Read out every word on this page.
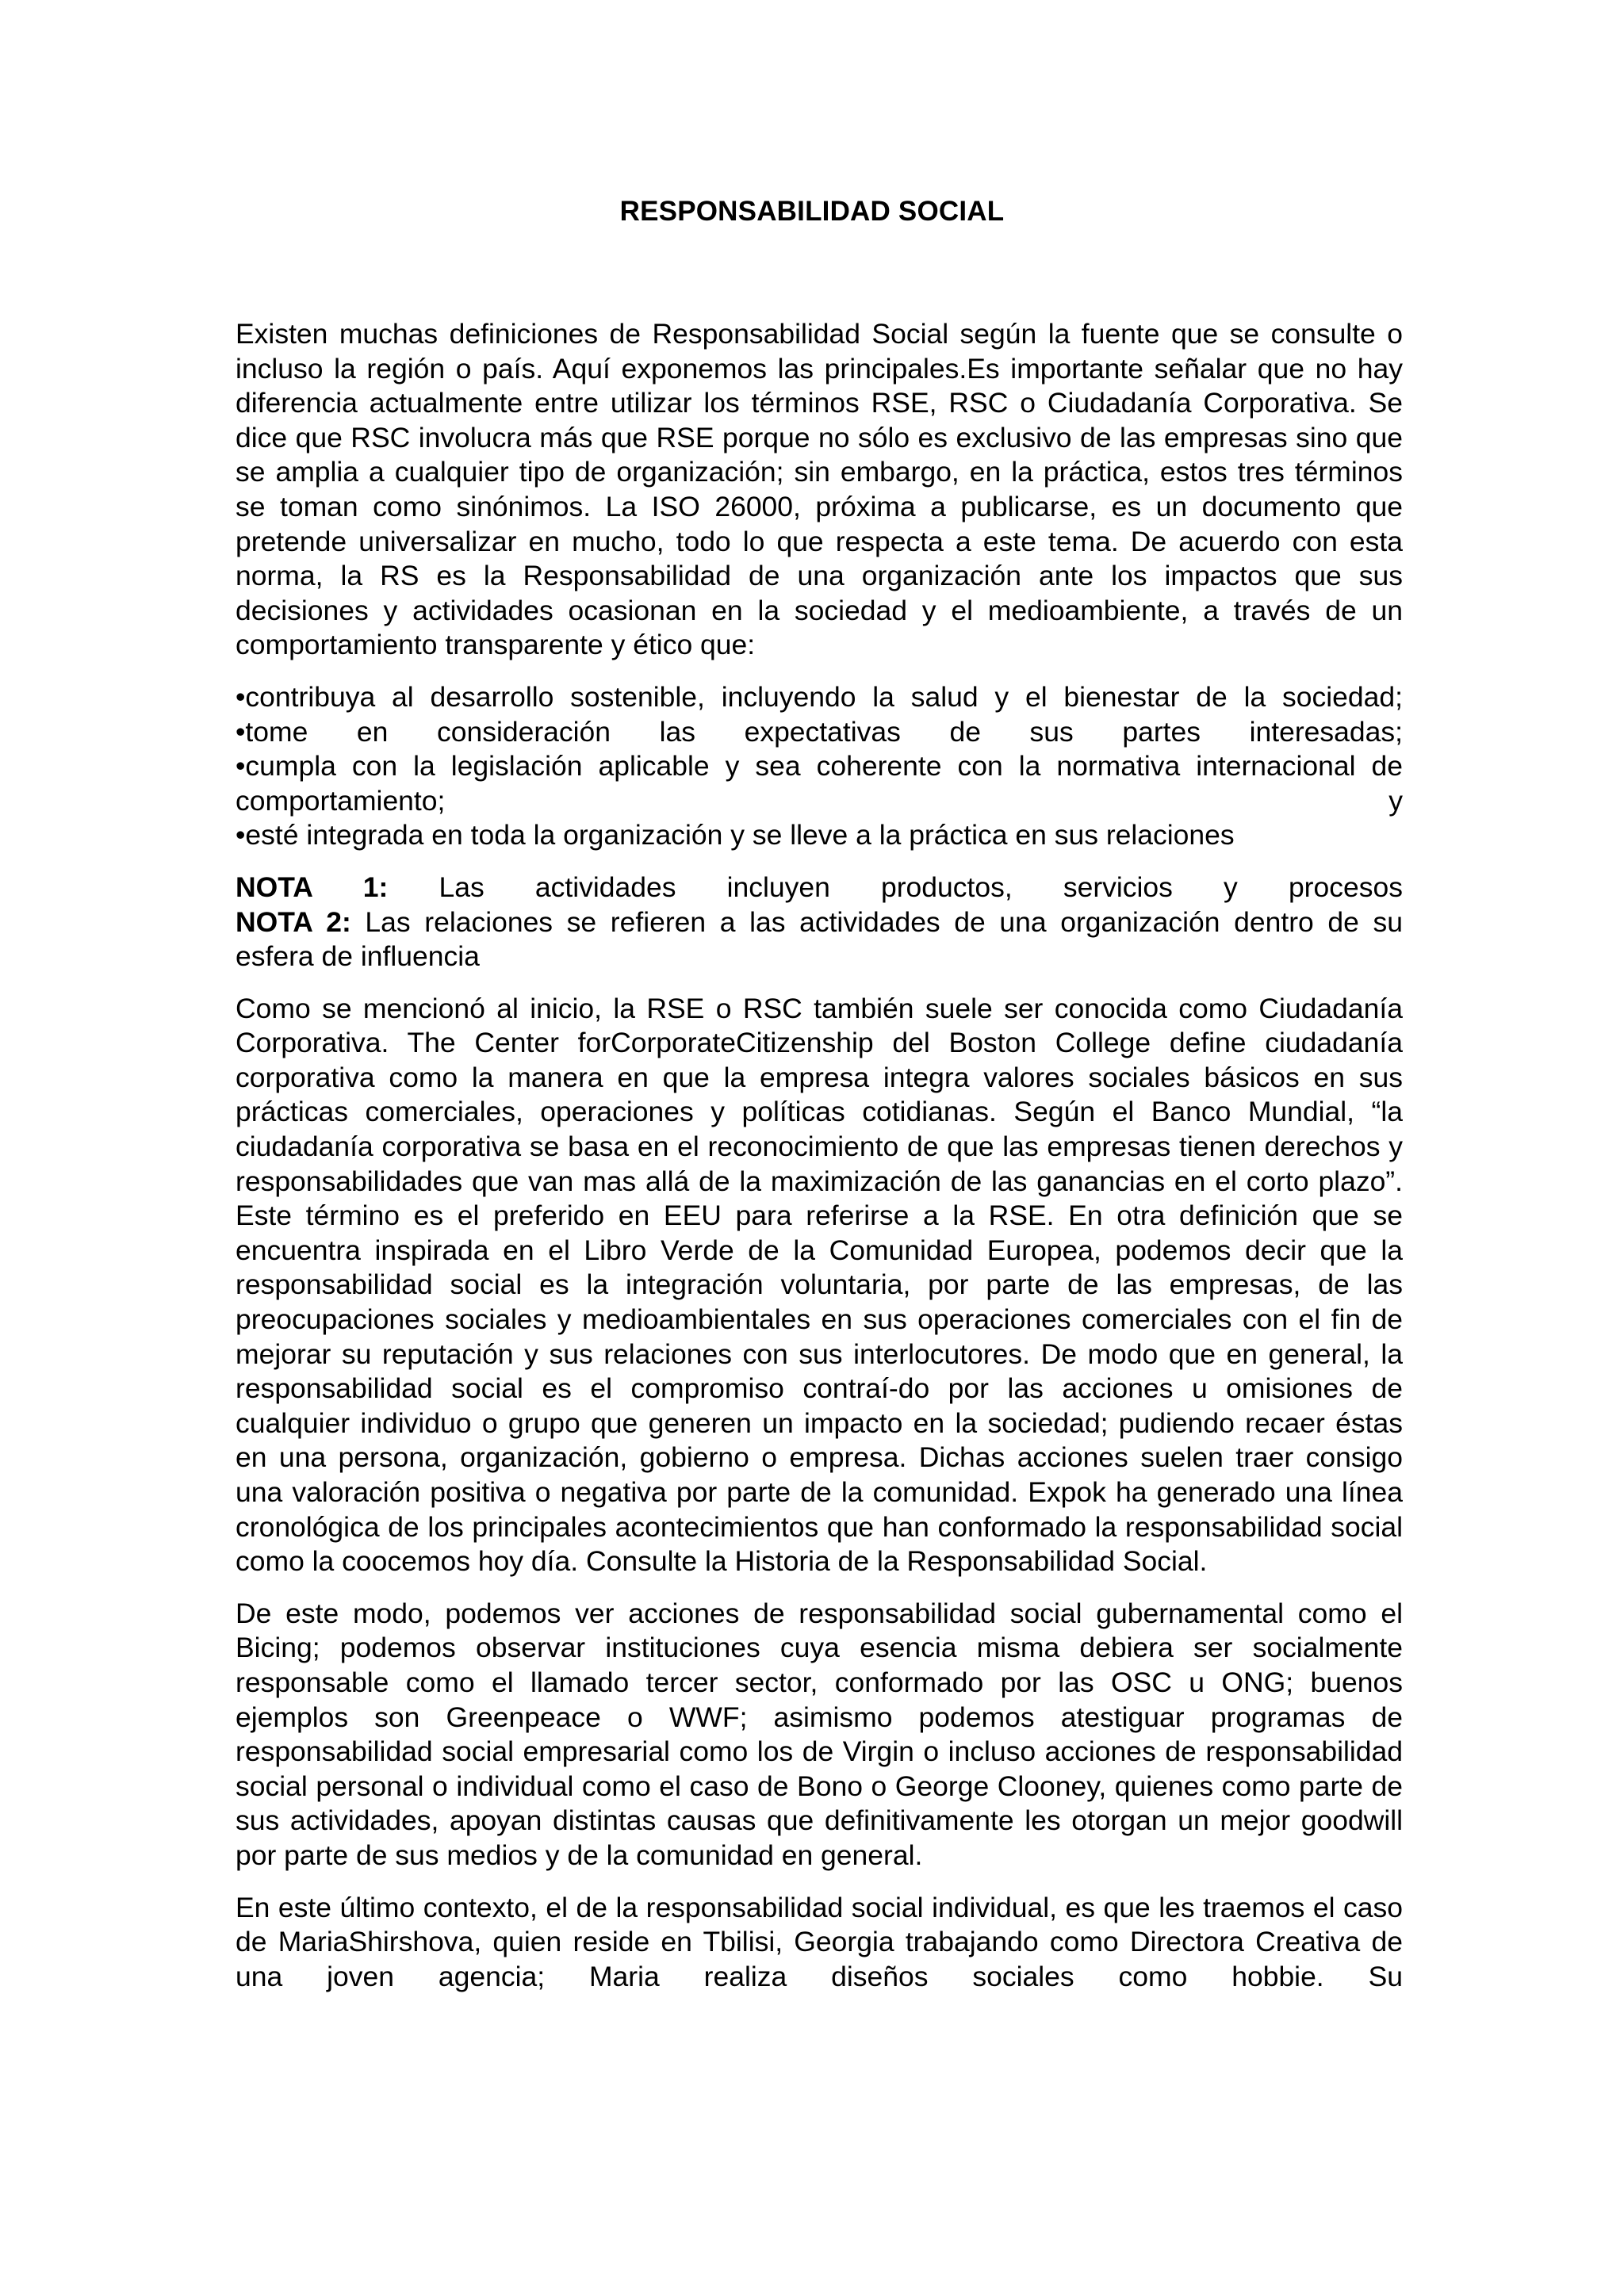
RESPONSABILIDAD SOCIAL

Existen muchas definiciones de Responsabilidad Social según la fuente que se consulte o incluso la región o país. Aquí exponemos las principales.Es importante señalar que no hay diferencia actualmente entre utilizar los términos RSE, RSC o Ciudadanía Corporativa. Se dice que RSC involucra más que RSE porque no sólo es exclusivo de las empresas sino que se amplia a cualquier tipo de organización; sin embargo, en la práctica, estos tres términos se toman como sinónimos. La ISO 26000, próxima a publicarse, es un documento que pretende universalizar en mucho, todo lo que respecta a este tema. De acuerdo con esta norma, la RS es la Responsabilidad de una organización ante los impactos que sus decisiones y actividades ocasionan en la sociedad y el medioambiente, a través de un comportamiento transparente y ético que:

•contribuya al desarrollo sostenible, incluyendo la salud y el bienestar de la sociedad;
•tome en consideración las expectativas de sus partes interesadas;
•cumpla con la legislación aplicable y sea coherente con la normativa internacional de
comportamiento;	y
•esté integrada en toda la organización y se lleve a la práctica en sus relaciones
NOTA 1: Las actividades incluyen productos, servicios y procesos
NOTA 2: Las relaciones se refieren a las actividades de una organización dentro de su esfera de influencia

Como se mencionó al inicio, la RSE o RSC también suele ser conocida como Ciudadanía Corporativa. The Center forCorporateCitizenship del Boston College define ciudadanía corporativa como la manera en que la empresa integra valores sociales básicos en sus prácticas comerciales, operaciones y políticas cotidianas. Según el Banco Mundial, “la ciudadanía corporativa se basa en el reconocimiento de que las empresas tienen derechos y responsabilidades que van mas allá de la maximización de las ganancias en el corto plazo”. Este término es el preferido en EEU para referirse a la RSE. En otra definición que se encuentra inspirada en el Libro Verde de la Comunidad Europea, podemos decir que la responsabilidad social es la integración voluntaria, por parte de las empresas, de las preocupaciones sociales y medioambientales en sus operaciones comerciales con el fin de mejorar su reputación y sus relaciones con sus interlocutores. De modo que en general, la responsabilidad social es el compromiso contraí-do por las acciones u omisiones de cualquier individuo o grupo que generen un impacto en la sociedad; pudiendo recaer éstas en una persona, organización, gobierno o empresa. Dichas acciones suelen traer consigo una valoración positiva o negativa por parte de la comunidad. Expok ha generado una línea cronológica de los principales acontecimientos que han conformado la responsabilidad social como la coocemos hoy día. Consulte la Historia de la Responsabilidad Social.

De este modo, podemos ver acciones de responsabilidad social gubernamental como el Bicing; podemos observar instituciones cuya esencia misma debiera ser socialmente responsable como el llamado tercer sector, conformado por las OSC u ONG; buenos ejemplos son Greenpeace o WWF; asimismo podemos atestiguar programas de responsabilidad social empresarial como los de Virgin o incluso acciones de responsabilidad social personal o individual como el caso de Bono o George Clooney, quienes como parte de sus actividades, apoyan distintas causas que definitivamente les otorgan un mejor goodwill por parte de sus medios y de la comunidad en general.

En este último contexto, el de la responsabilidad social individual, es que les traemos el caso de MariaShirshova, quien reside en Tbilisi, Georgia trabajando como Directora Creativa de una joven agencia; Maria realiza diseños sociales como hobbie. Su
